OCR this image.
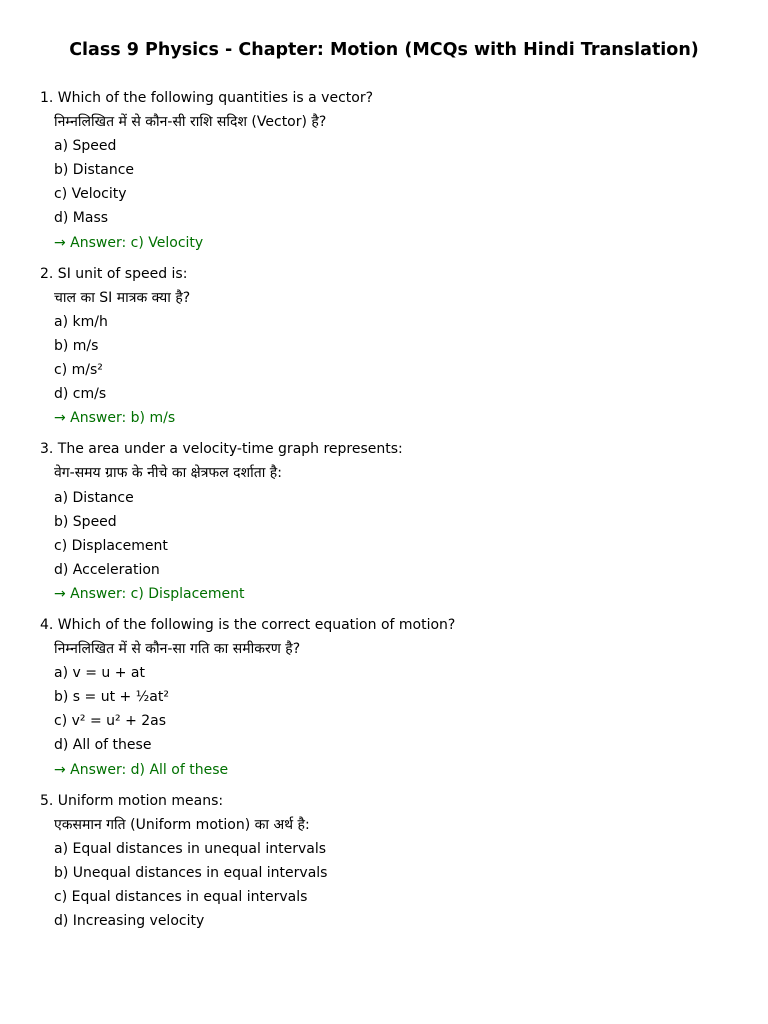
Class 9 Physics - Chapter: Motion (MCQs with Hindi Translation)
1. Which of the following quantities is a vector?
निम्नलिखित में से कौन-सी राशि सदिश (Vector) है?
a) Speed
b) Distance
c) Velocity
d) Mass
→ Answer: c) Velocity
2. SI unit of speed is:
चाल का SI मात्रक क्या है?
a) km/h
b) m/s
c) m/s²
d) cm/s
→ Answer: b) m/s
3. The area under a velocity-time graph represents:
वेग-समय ग्राफ के नीचे का क्षेत्रफल दर्शाता है:
a) Distance
b) Speed
c) Displacement
d) Acceleration
→ Answer: c) Displacement
4. Which of the following is the correct equation of motion?
निम्नलिखित में से कौन-सा गति का समीकरण है?
a) v = u + at
b) s = ut + ½at²
c) v² = u² + 2as
d) All of these
→ Answer: d) All of these
5. Uniform motion means:
एकसमान गति (Uniform motion) का अर्थ है:
a) Equal distances in unequal intervals
b) Unequal distances in equal intervals
c) Equal distances in equal intervals
d) Increasing velocity
